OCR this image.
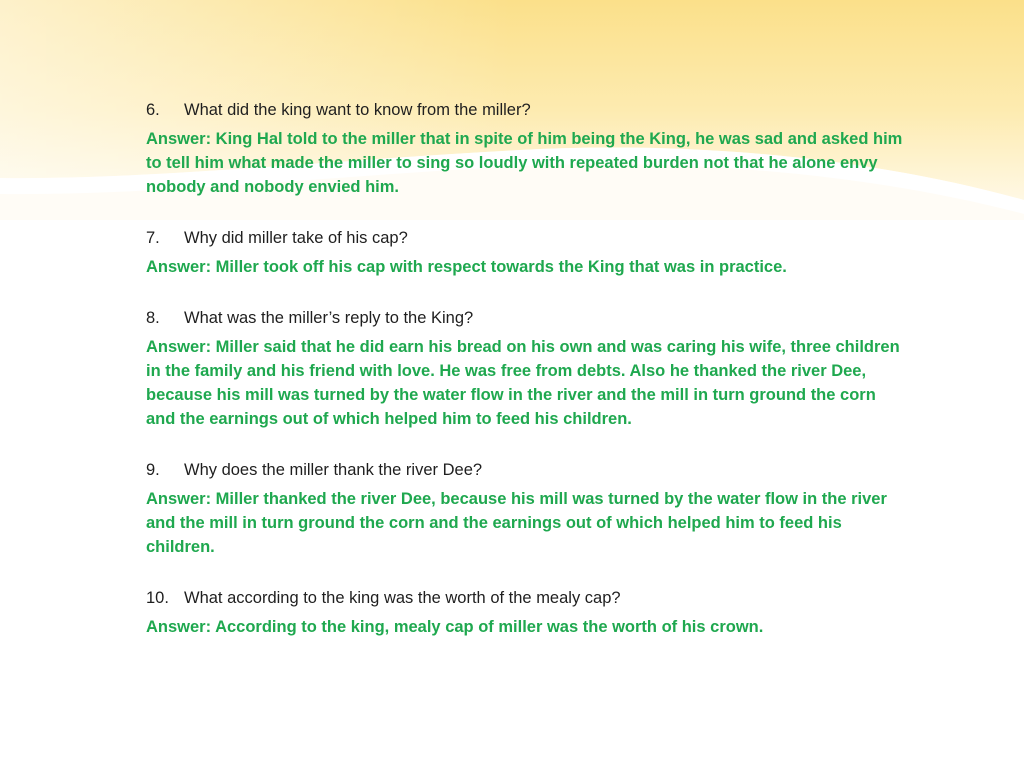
6.	What did the king want to know from the miller?
Answer: King Hal told to the miller that in spite of him being the King, he was sad and asked him to tell him what made the miller to sing so loudly with repeated burden not that he alone envy nobody and nobody envied him.
7.	Why did miller take of his cap?
Answer: Miller took off his cap with respect towards the King that was in practice.
8.	What was the miller’s reply to the King?
Answer: Miller said that he did earn his bread on his own and was caring his wife, three children in the family and his friend with love. He was free from debts. Also he thanked the river Dee, because his mill was turned by the water flow in the river and the mill in turn ground the corn and the earnings out of which helped him to feed his children.
9.	Why does the miller thank the river Dee?
Answer: Miller thanked the river Dee, because his mill was turned by the water flow in the river and the mill in turn ground the corn and the earnings out of which helped him to feed his children.
10. What according to the king was the worth of the mealy cap?
Answer: According to the king, mealy cap of miller was the worth of his crown.
